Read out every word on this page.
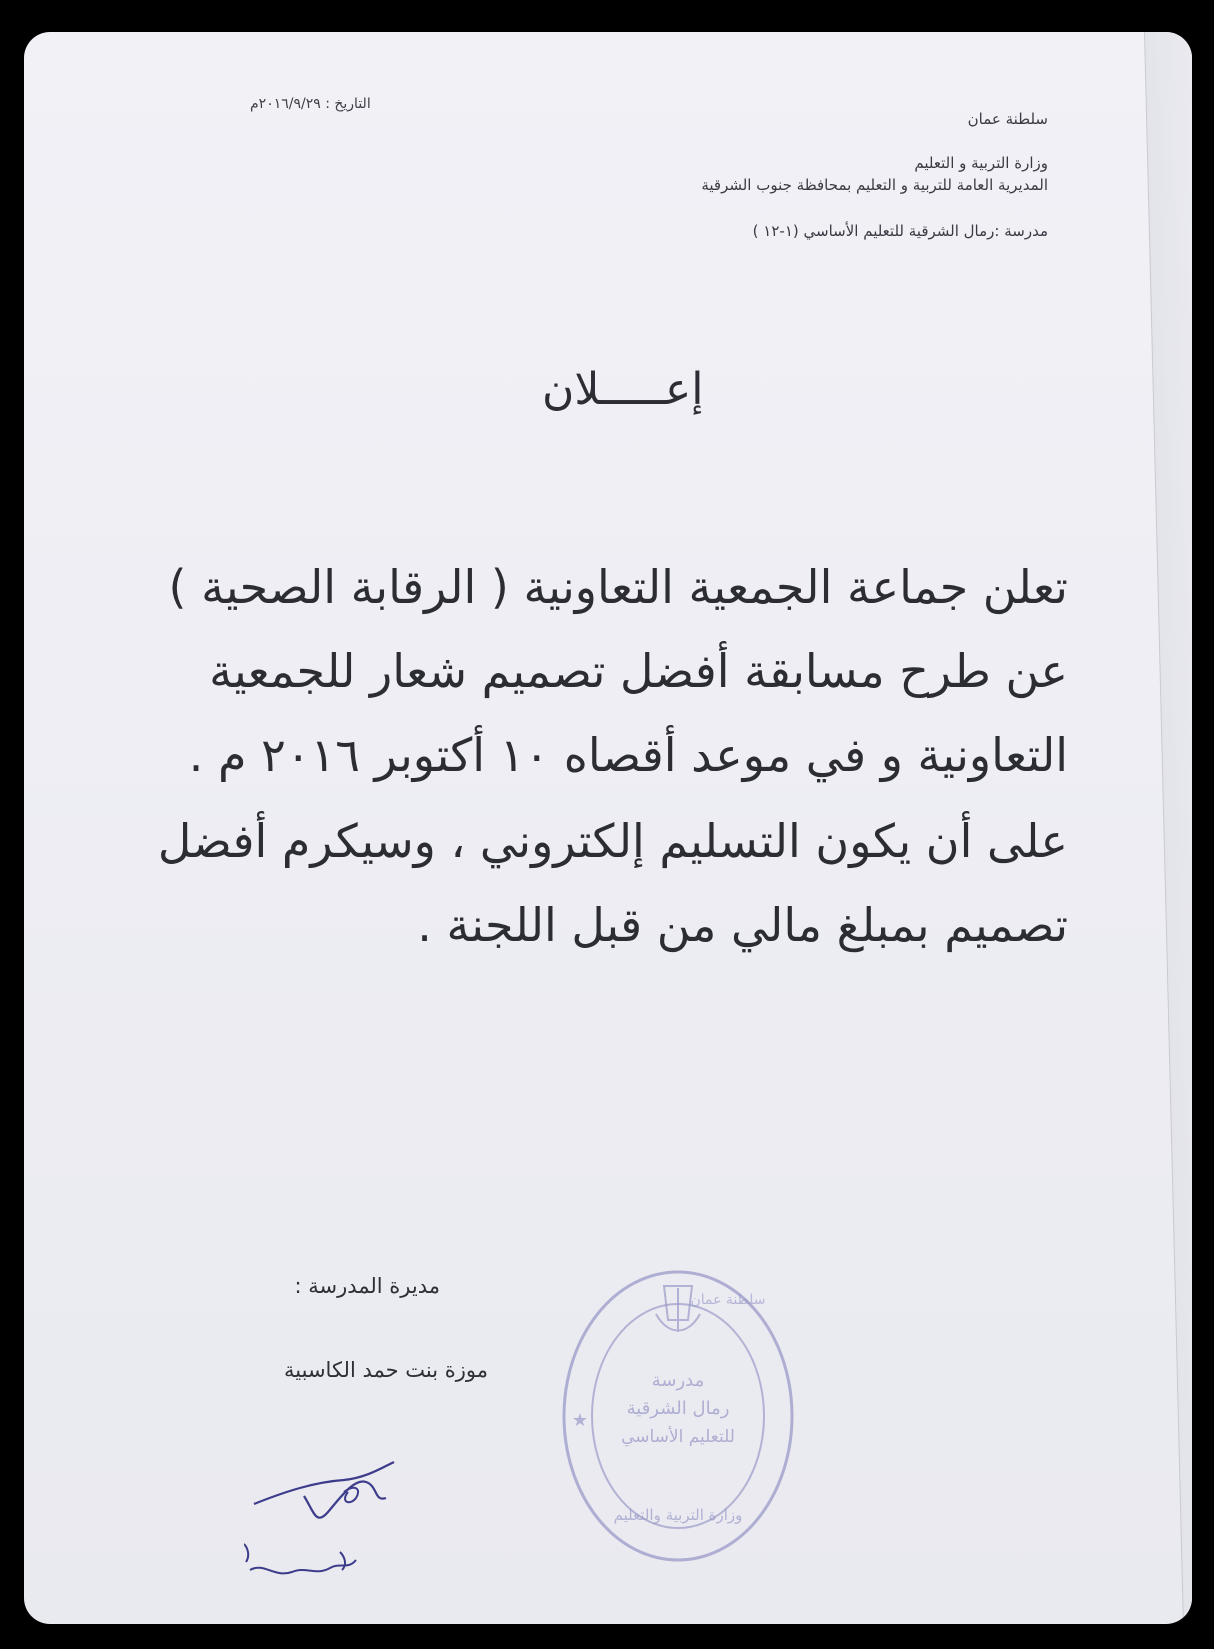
سلطنة عمان
وزارة التربية و التعليم
المديرية العامة للتربية و التعليم بمحافظة جنوب الشرقية
مدرسة :رمال الشرقية للتعليم الأساسي (١-١٢ )
التاريخ : ٢٠١٦/٩/٢٩م
إعـــــلان
تعلن جماعة الجمعية التعاونية ( الرقابة الصحية )
عن طرح مسابقة أفضل تصميم شعار للجمعية
التعاونية و في موعد أقصاه ١٠ أكتوبر ٢٠١٦ م .
على أن يكون التسليم إلكتروني ، وسيكرم أفضل
تصميم بمبلغ مالي من قبل اللجنة .
مديرة المدرسة :
موزة بنت حمد الكاسبية	مدرسة
رمال الشرقية
للتعليم الأساسي
وزارة التربية والتعليم
سلطنة عمان
★
